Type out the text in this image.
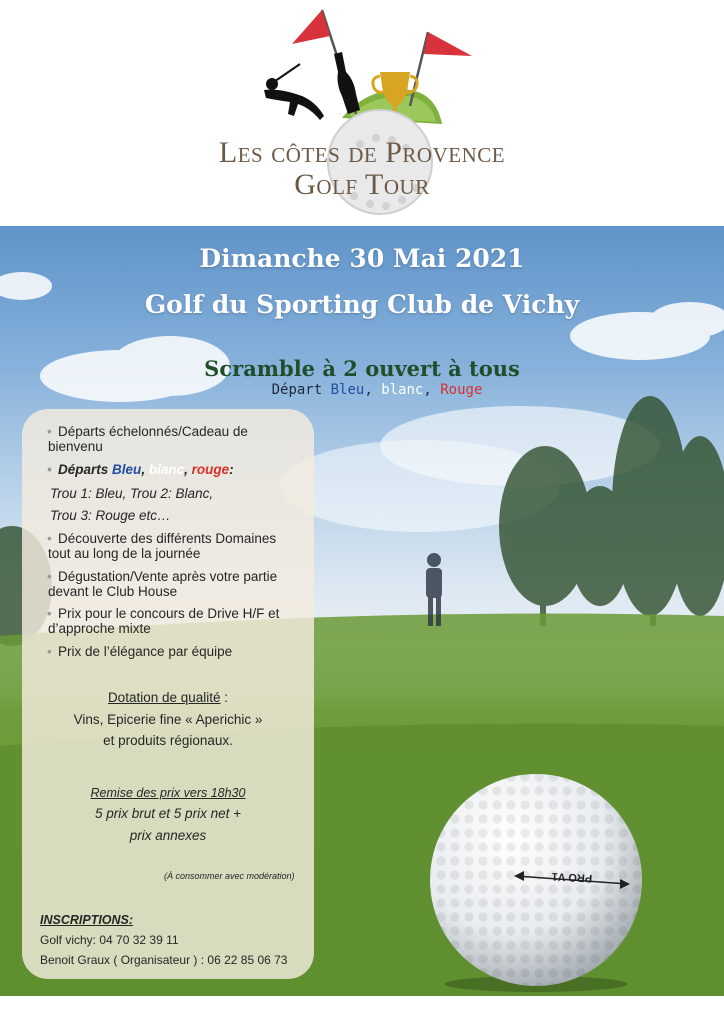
Les côtes de Provence
Golf Tour
Dimanche 30 Mai 2021
Golf du Sporting Club de Vichy
Scramble à 2 ouvert à tous
Départ Bleu, blanc, Rouge
• Départs échelonnés/Cadeau de
bienvenu
• Départs Bleu, blanc, rouge:
Trou 1: Bleu, Trou 2: Blanc,
Trou 3: Rouge etc…
• Découverte des différents Domaines
tout au long de la journée
• Dégustation/Vente après votre partie
devant le Club House
• Prix pour le concours de Drive H/F et
d’approche mixte
• Prix de l’élégance par équipe
Dotation de qualité :
Vins, Epicerie fine « Aperichic »
et produits régionaux.
Remise des prix vers 18h30
5 prix brut et 5 prix net +
prix annexes
(À consommer avec modération)
INSCRIPTIONS:
Golf vichy: 04 70 32 39 11
Benoit Graux ( Organisateur ) : 06 22 85 06 73
PRO V1
